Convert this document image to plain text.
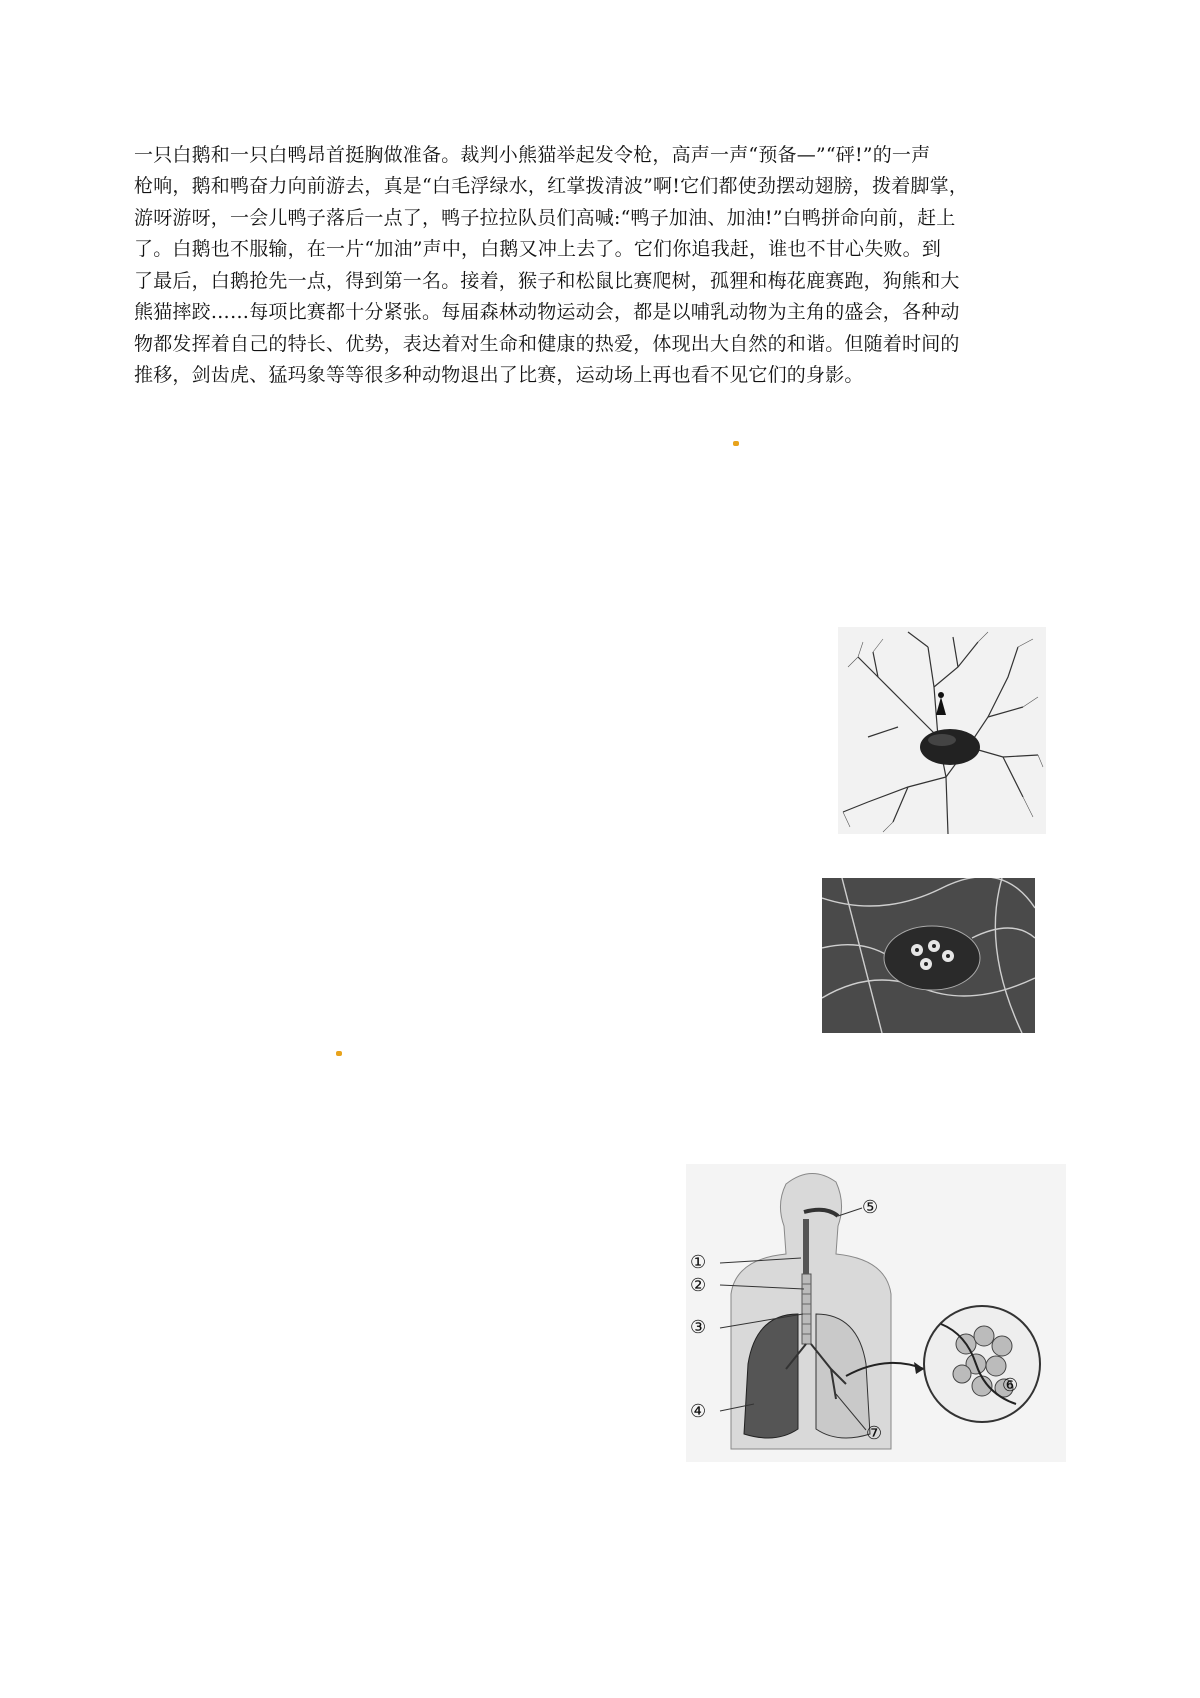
一只白鹅和一只白鸭昂首挺胸做准备。裁判小熊猫举起发令枪，高声一声“预备—”“砰!”的一声
枪响，鹅和鸭奋力向前游去，真是“白毛浮绿水，红掌拨清波”啊!它们都使劲摆动翅膀，拨着脚掌，
游呀游呀，一会儿鸭子落后一点了，鸭子拉拉队员们高喊:“鸭子加油、加油!”白鸭拼命向前，赶上
了。白鹅也不服输，在一片“加油”声中，白鹅又冲上去了。它们你追我赶，谁也不甘心失败。到
了最后，白鹅抢先一点，得到第一名。接着，猴子和松鼠比赛爬树，孤狸和梅花鹿赛跑，狗熊和大
熊猫摔跤……每项比赛都十分紧张。每届森林动物运动会，都是以哺乳动物为主角的盛会，各种动
物都发挥着自己的特长、优势，表达着对生命和健康的热爱，体现出大自然的和谐。但随着时间的
推移，剑齿虎、猛玛象等等很多种动物退出了比赛，运动场上再也看不见它们的身影。
①
②
③
④
⑤
⑥
⑦
